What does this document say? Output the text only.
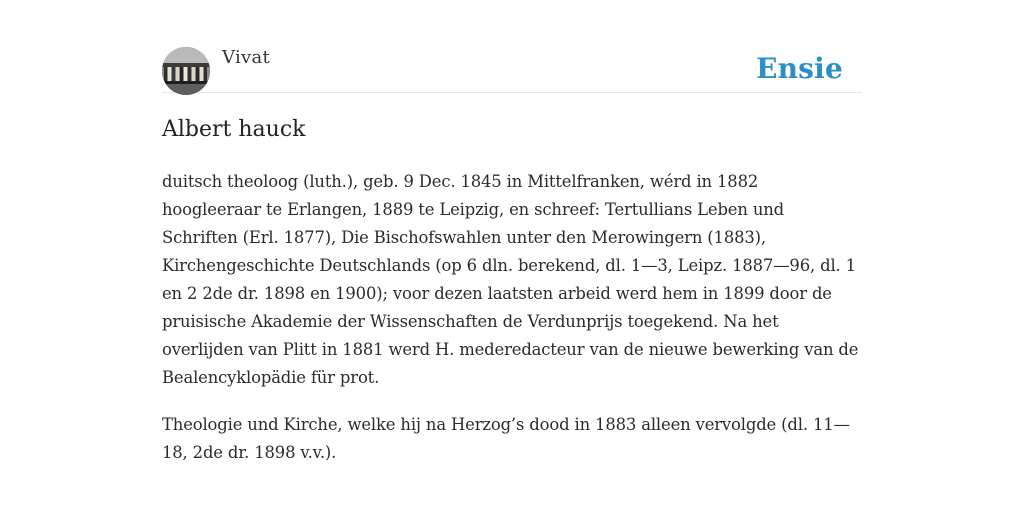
Vivat	Ensie
Albert hauck

duitsch theoloog (luth.), geb. 9 Dec. 1845 in Mittelfranken, wérd in 1882 hoogleeraar te Erlangen, 1889 te Leipzig, en schreef: Tertullians Leben und Schriften (Erl. 1877), Die Bischofswahlen unter den Merowingern (1883), Kirchengeschichte Deutschlands (op 6 dln. berekend, dl. 1—3, Leipz. 1887—96, dl. 1 en 2 2de dr. 1898 en 1900); voor dezen laatsten arbeid werd hem in 1899 door de pruisische Akademie der Wissenschaften de Verdunprijs toegekend. Na het overlijden van Plitt in 1881 werd H. mederedacteur van de nieuwe bewerking van de Bealencyklopädie für prot.

Theologie und Kirche, welke hij na Herzog’s dood in 1883 alleen vervolgde (dl. 11—18, 2de dr. 1898 v.v.).
